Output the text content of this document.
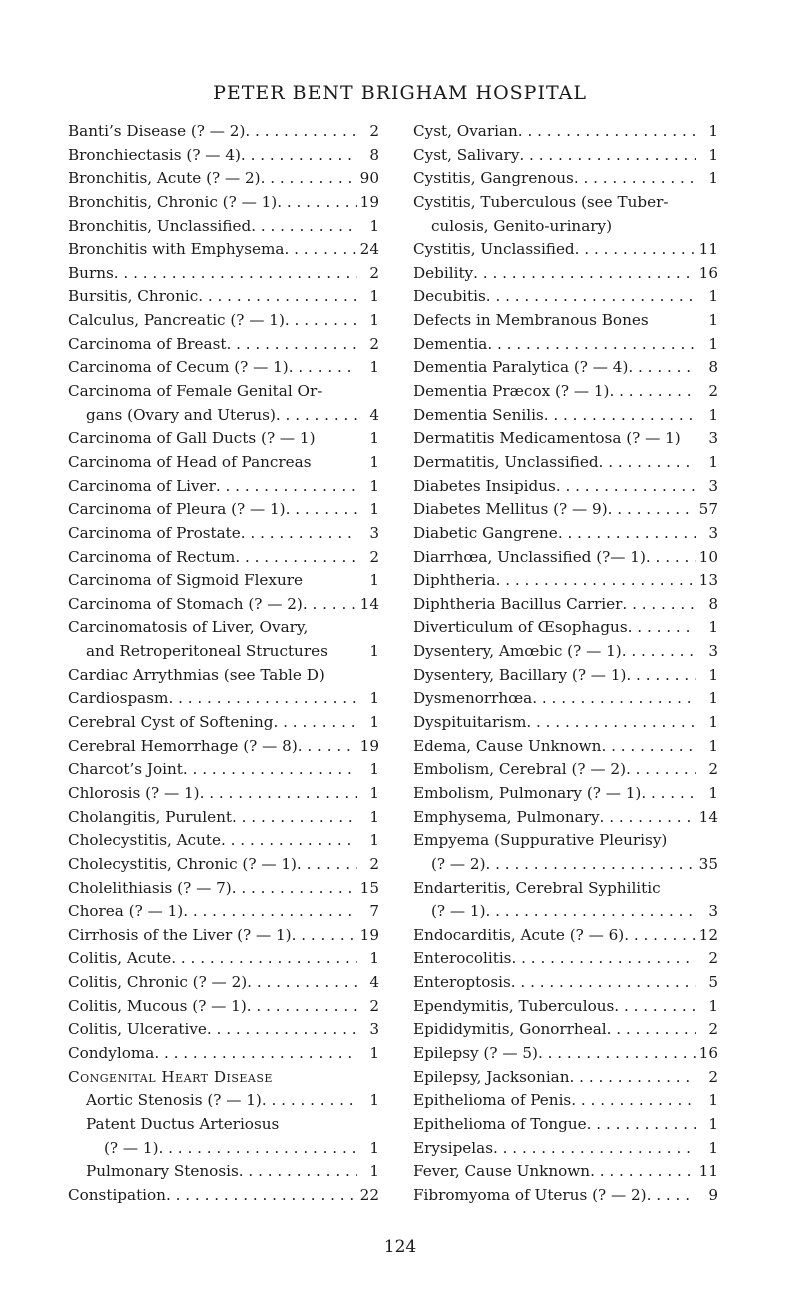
PETER BENT BRIGHAM HOSPITAL
Banti’s Disease (? — 2) . . .	2
Bronchiectasis (? — 4) . . .	8
Bronchitis, Acute (? — 2) . . .	90
Bronchitis, Chronic (? — 1) . . .	19
Bronchitis, Unclassified . . .	1
Bronchitis with Emphysema . . .	24
Burns . . .	2
Bursitis, Chronic . . .	1
Calculus, Pancreatic (? — 1) . . .	1
Carcinoma of Breast . . .	2
Carcinoma of Cecum (? — 1) . . .	1
Carcinoma of Female Genital Or-
gans (Ovary and Uterus) . . .	4
Carcinoma of Gall Ducts (? — 1)	1
Carcinoma of Head of Pancreas	1
Carcinoma of Liver . . .	1
Carcinoma of Pleura (? — 1) . . .	1
Carcinoma of Prostate . . .	3
Carcinoma of Rectum . . .	2
Carcinoma of Sigmoid Flexure	1
Carcinoma of Stomach (? — 2) . . .	14
Carcinomatosis of Liver, Ovary,
and Retroperitoneal Structures	1
Cardiac Arrythmias (see Table D)
Cardiospasm . . .	1
Cerebral Cyst of Softening . . .	1
Cerebral Hemorrhage (? — 8) . . .	19
Charcot’s Joint . . .	1
Chlorosis (? — 1) . . .	1
Cholangitis, Purulent . . .	1
Cholecystitis, Acute . . .	1
Cholecystitis, Chronic (? — 1) . . .	2
Cholelithiasis (? — 7) . . .	15
Chorea (? — 1) . . .	7
Cirrhosis of the Liver (? — 1) . . .	19
Colitis, Acute . . .	1
Colitis, Chronic (? — 2) . . .	4
Colitis, Mucous (? — 1) . . .	2
Colitis, Ulcerative . . .	3
Condyloma . . .	1
Congenital Heart Disease
Aortic Stenosis (? — 1) . . .	1
Patent Ductus Arteriosus
(? — 1) . . .	1
Pulmonary Stenosis . . .	1
Constipation . . .	22
Cyst, Ovarian . . .	1
Cyst, Salivary . . .	1
Cystitis, Gangrenous . . .	1
Cystitis, Tuberculous (see Tuber-
culosis, Genito-urinary)
Cystitis, Unclassified . . .	11
Debility . . .	16
Decubitis . . .	1
Defects in Membranous Bones	1
Dementia . . .	1
Dementia Paralytica (? — 4) . . .	8
Dementia Præcox (? — 1) . . .	2
Dementia Senilis . . .	1
Dermatitis Medicamentosa (? — 1)	3
Dermatitis, Unclassified . . .	1
Diabetes Insipidus . . .	3
Diabetes Mellitus (? — 9) . . .	57
Diabetic Gangrene . . .	3
Diarrhœa, Unclassified (?— 1) . . .	10
Diphtheria . . .	13
Diphtheria Bacillus Carrier . . .	8
Diverticulum of Œsophagus . . .	1
Dysentery, Amœbic (? — 1) . . .	3
Dysentery, Bacillary (? — 1) . . .	1
Dysmenorrhœa . . .	1
Dyspituitarism . . .	1
Edema, Cause Unknown . . .	1
Embolism, Cerebral (? — 2) . . .	2
Embolism, Pulmonary (? — 1) . . .	1
Emphysema, Pulmonary . . .	14
Empyema (Suppurative Pleurisy)
(? — 2) . . .	35
Endarteritis, Cerebral Syphilitic
(? — 1) . . .	3
Endocarditis, Acute (? — 6) . . .	12
Enterocolitis . . .	2
Enteroptosis . . .	5
Ependymitis, Tuberculous . . .	1
Epididymitis, Gonorrheal . . .	2
Epilepsy (? — 5) . . .	16
Epilepsy, Jacksonian . . .	2
Epithelioma of Penis . . .	1
Epithelioma of Tongue . . .	1
Erysipelas . . .	1
Fever, Cause Unknown . . .	11
Fibromyoma of Uterus (? — 2) . . .	9
124
